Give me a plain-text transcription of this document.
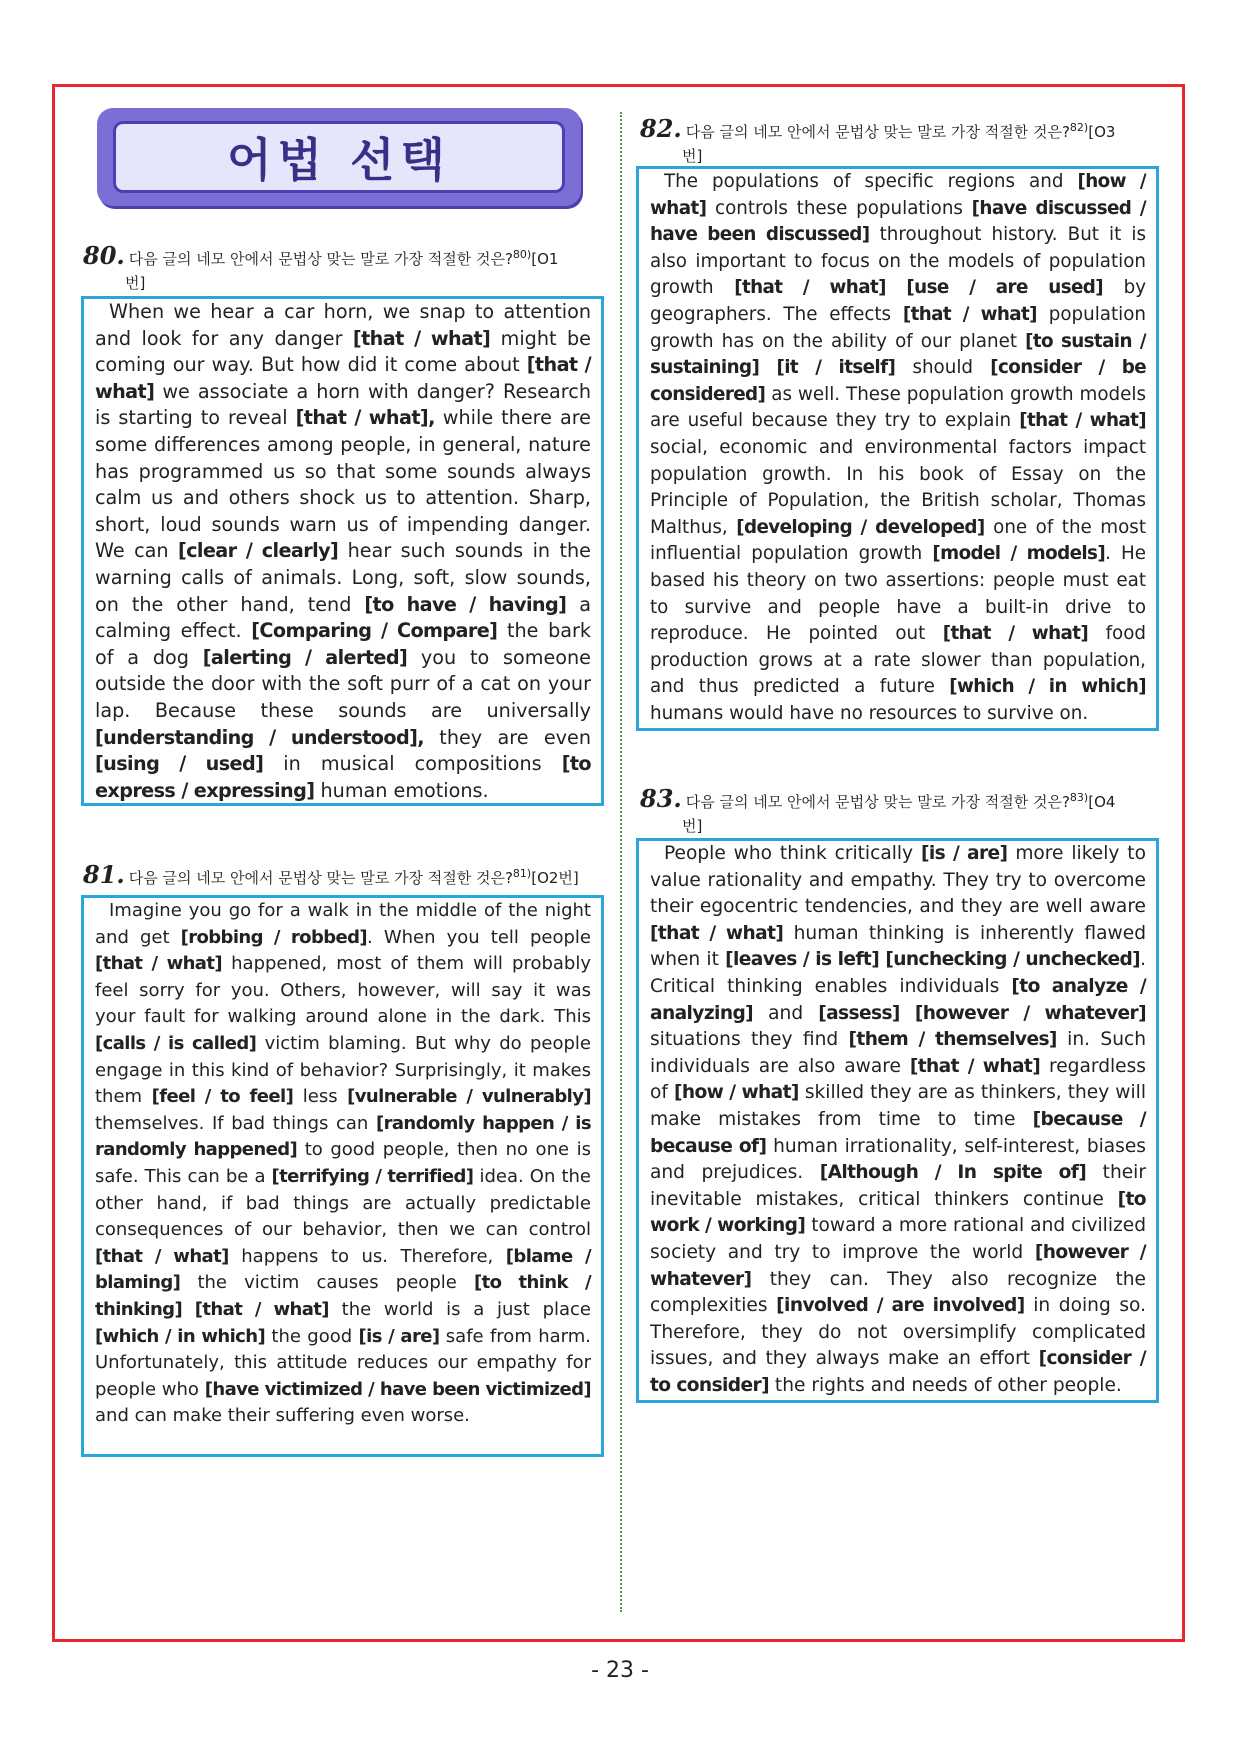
어법 선택
80. 다음 글의 네모 안에서 문법상 맞는 말로 가장 적절한 것은?$^{80)}$[O1
번]

When we hear a car horn, we snap to attention and look for any danger [that / what] might be coming our way. But how did it come about [that / what] we associate a horn with danger? Research is starting to reveal [that / what], while there are some differences among people, in general, nature has programmed us so that some sounds always calm us and others shock us to attention. Sharp, short, loud sounds warn us of impending danger. We can [clear / clearly] hear such sounds in the warning calls of animals. Long, soft, slow sounds, on the other hand, tend [to have / having] a calming effect. [Comparing / Compare] the bark of a dog [alerting / alerted] you to someone outside the door with the soft purr of a cat on your lap. Because these sounds are universally [understanding / understood], they are even [using / used] in musical compositions [to express / expressing] human emotions.

81. 다음 글의 네모 안에서 문법상 맞는 말로 가장 적절한 것은?$^{81)}$[O2번]

Imagine you go for a walk in the middle of the night and get [robbing / robbed]. When you tell people [that / what] happened, most of them will probably feel sorry for you. Others, however, will say it was your fault for walking around alone in the dark. This [calls / is called] victim blaming. But why do people engage in this kind of behavior? Surprisingly, it makes them [feel / to feel] less [vulnerable / vulnerably] themselves. If bad things can [randomly happen / is randomly happened] to good people, then no one is safe. This can be a [terrifying / terrified] idea. On the other hand, if bad things are actually predictable consequences of our behavior, then we can control [that / what] happens to us. Therefore, [blame / blaming] the victim causes people [to think / thinking] [that / what] the world is a just place [which / in which] the good [is / are] safe from harm. Unfortunately, this attitude reduces our empathy for people who [have victimized / have been victimized] and can make their suffering even worse.

82. 다음 글의 네모 안에서 문법상 맞는 말로 가장 적절한 것은?$^{82)}$[O3
번]

The populations of specific regions and [how / what] controls these populations [have discussed / have been discussed] throughout history. But it is also important to focus on the models of population growth [that / what] [use / are used] by geographers. The effects [that / what] population growth has on the ability of our planet [to sustain / sustaining] [it / itself] should [consider / be considered] as well. These population growth models are useful because they try to explain [that / what] social, economic and environmental factors impact population growth. In his book of Essay on the Principle of Population, the British scholar, Thomas Malthus, [developing / developed] one of the most influential population growth [model / models]. He based his theory on two assertions: people must eat to survive and people have a built-in drive to reproduce. He pointed out [that / what] food production grows at a rate slower than population, and thus predicted a future [which / in which] humans would have no resources to survive on.

83. 다음 글의 네모 안에서 문법상 맞는 말로 가장 적절한 것은?$^{83)}$[O4
번]

People who think critically [is / are] more likely to value rationality and empathy. They try to overcome their egocentric tendencies, and they are well aware [that / what] human thinking is inherently flawed when it [leaves / is left] [unchecking / unchecked]. Critical thinking enables individuals [to analyze / analyzing] and [assess] [however / whatever] situations they find [them / themselves] in. Such individuals are also aware [that / what] regardless of [how / what] skilled they are as thinkers, they will make mistakes from time to time [because / because of] human irrationality, self-interest, biases and prejudices. [Although / In spite of] their inevitable mistakes, critical thinkers continue [to work / working] toward a more rational and civilized society and try to improve the world [however / whatever] they can. They also recognize the complexities [involved / are involved] in doing so. Therefore, they do not oversimplify complicated issues, and they always make an effort [consider / to consider] the rights and needs of other people.

- 23 -
